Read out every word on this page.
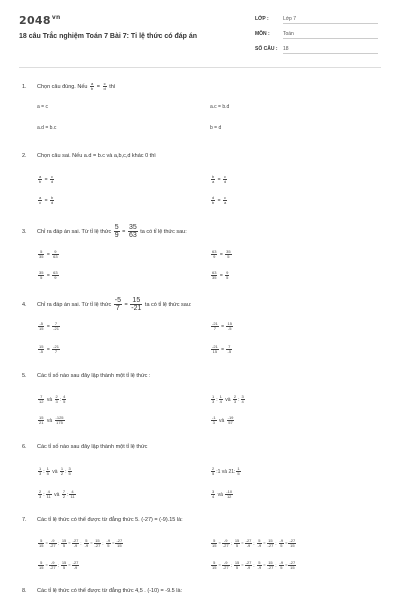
$2048^{vn}$
18 câu Trắc nghiệm Toán 7 Bài 7: Tỉ lệ thức có đáp án
LỚP :	Lớp 7
MÔN :	Toán
SỐ CÂU : 18
1. Chọn câu đúng. Nếu $\frac{a}{b} = \frac{c}{d}$ thì
a = c	a.c = b.d
a.d = b.c	b = d
2. Chọn câu sai. Nếu a.d = b.c và a,b,c,d khác 0 thì
$\frac{a}{b} = \frac{c}{d}$	$\frac{b}{a} = \frac{c}{d}$
$\frac{a}{c} = \frac{b}{d}$	$\frac{d}{b} = \frac{c}{a}$
3. Chỉ ra đáp án sai. Từ tỉ lệ thức $\frac{5}{9} = \frac{35}{63}$ ta có tỉ lệ thức sau:
$\frac{5}{35} = \frac{9}{63}$	$\frac{63}{9} = \frac{35}{5}$
$\frac{35}{5} = \frac{63}{9}$	$\frac{63}{35} = \frac{9}{5}$
4. Chỉ ra đáp án sai. Từ tỉ lệ thức $\frac{-5}{7} = \frac{15}{-21}$ ta có tỉ lệ thức sau:
$\frac{-5}{15} = \frac{7}{-21}$	$\frac{-21}{7} = \frac{15}{-5}$
$\frac{15}{-5} = \frac{-21}{7}$	$\frac{-21}{15} = \frac{7}{-5}$
5. Các tỉ số nào sau đây lập thành một tỉ lệ thức :
$\frac{7}{12}$ và $\frac{2}{3}$ : $\frac{4}{5}$	$\frac{1}{3}$ : $\frac{1}{4}$ và $\frac{2}{3}$ : $\frac{3}{4}$
$\frac{15}{21}$ và $\frac{-125}{175}$	$\frac{-1}{3}$ và $\frac{-19}{57}$
6. Các tỉ số nào sau đây lập thành một tỉ lệ thức
$\frac{1}{3}$ : $\frac{1}{5}$ và $\frac{1}{2}$ : $\frac{3}{5}$	$\frac{2}{5}$ :1 và 21: $\frac{1}{5}$
$\frac{2}{3}$ : $\frac{4}{11}$ và $\frac{7}{2}$ : $\frac{4}{11}$	$\frac{3}{4}$ và $\frac{-10}{12}$
7. Các tỉ lệ thức có thể được từ đẳng thức 5. (-27) = (-9).15 là:
$\frac{5}{15} = \frac{-9}{-27}$ ; $\frac{15}{5} = \frac{-27}{-9}$ ; $\frac{5}{-9} = \frac{15}{-27}$ ; $\frac{-9}{5} = \frac{-27}{15}$	$\frac{5}{15} = \frac{-9}{-27}$ ; $\frac{15}{5} = \frac{-27}{-9}$ ; $\frac{5}{-9} = \frac{15}{-27}$ ; $\frac{-9}{5} = \frac{-27}{15}$
$\frac{5}{15} = \frac{-9}{-27}$ ; $\frac{15}{5} = \frac{-27}{-9}$	$\frac{5}{15} = \frac{-9}{-27}$ ; $\frac{15}{5} = \frac{-27}{-9}$ ; $\frac{5}{-9} = \frac{15}{-27}$ ; $\frac{-9}{5} = \frac{-27}{15}$
8. Các tỉ lệ thức có thể được từ đẳng thức 4,5 . (-10) = -9.5 là:
